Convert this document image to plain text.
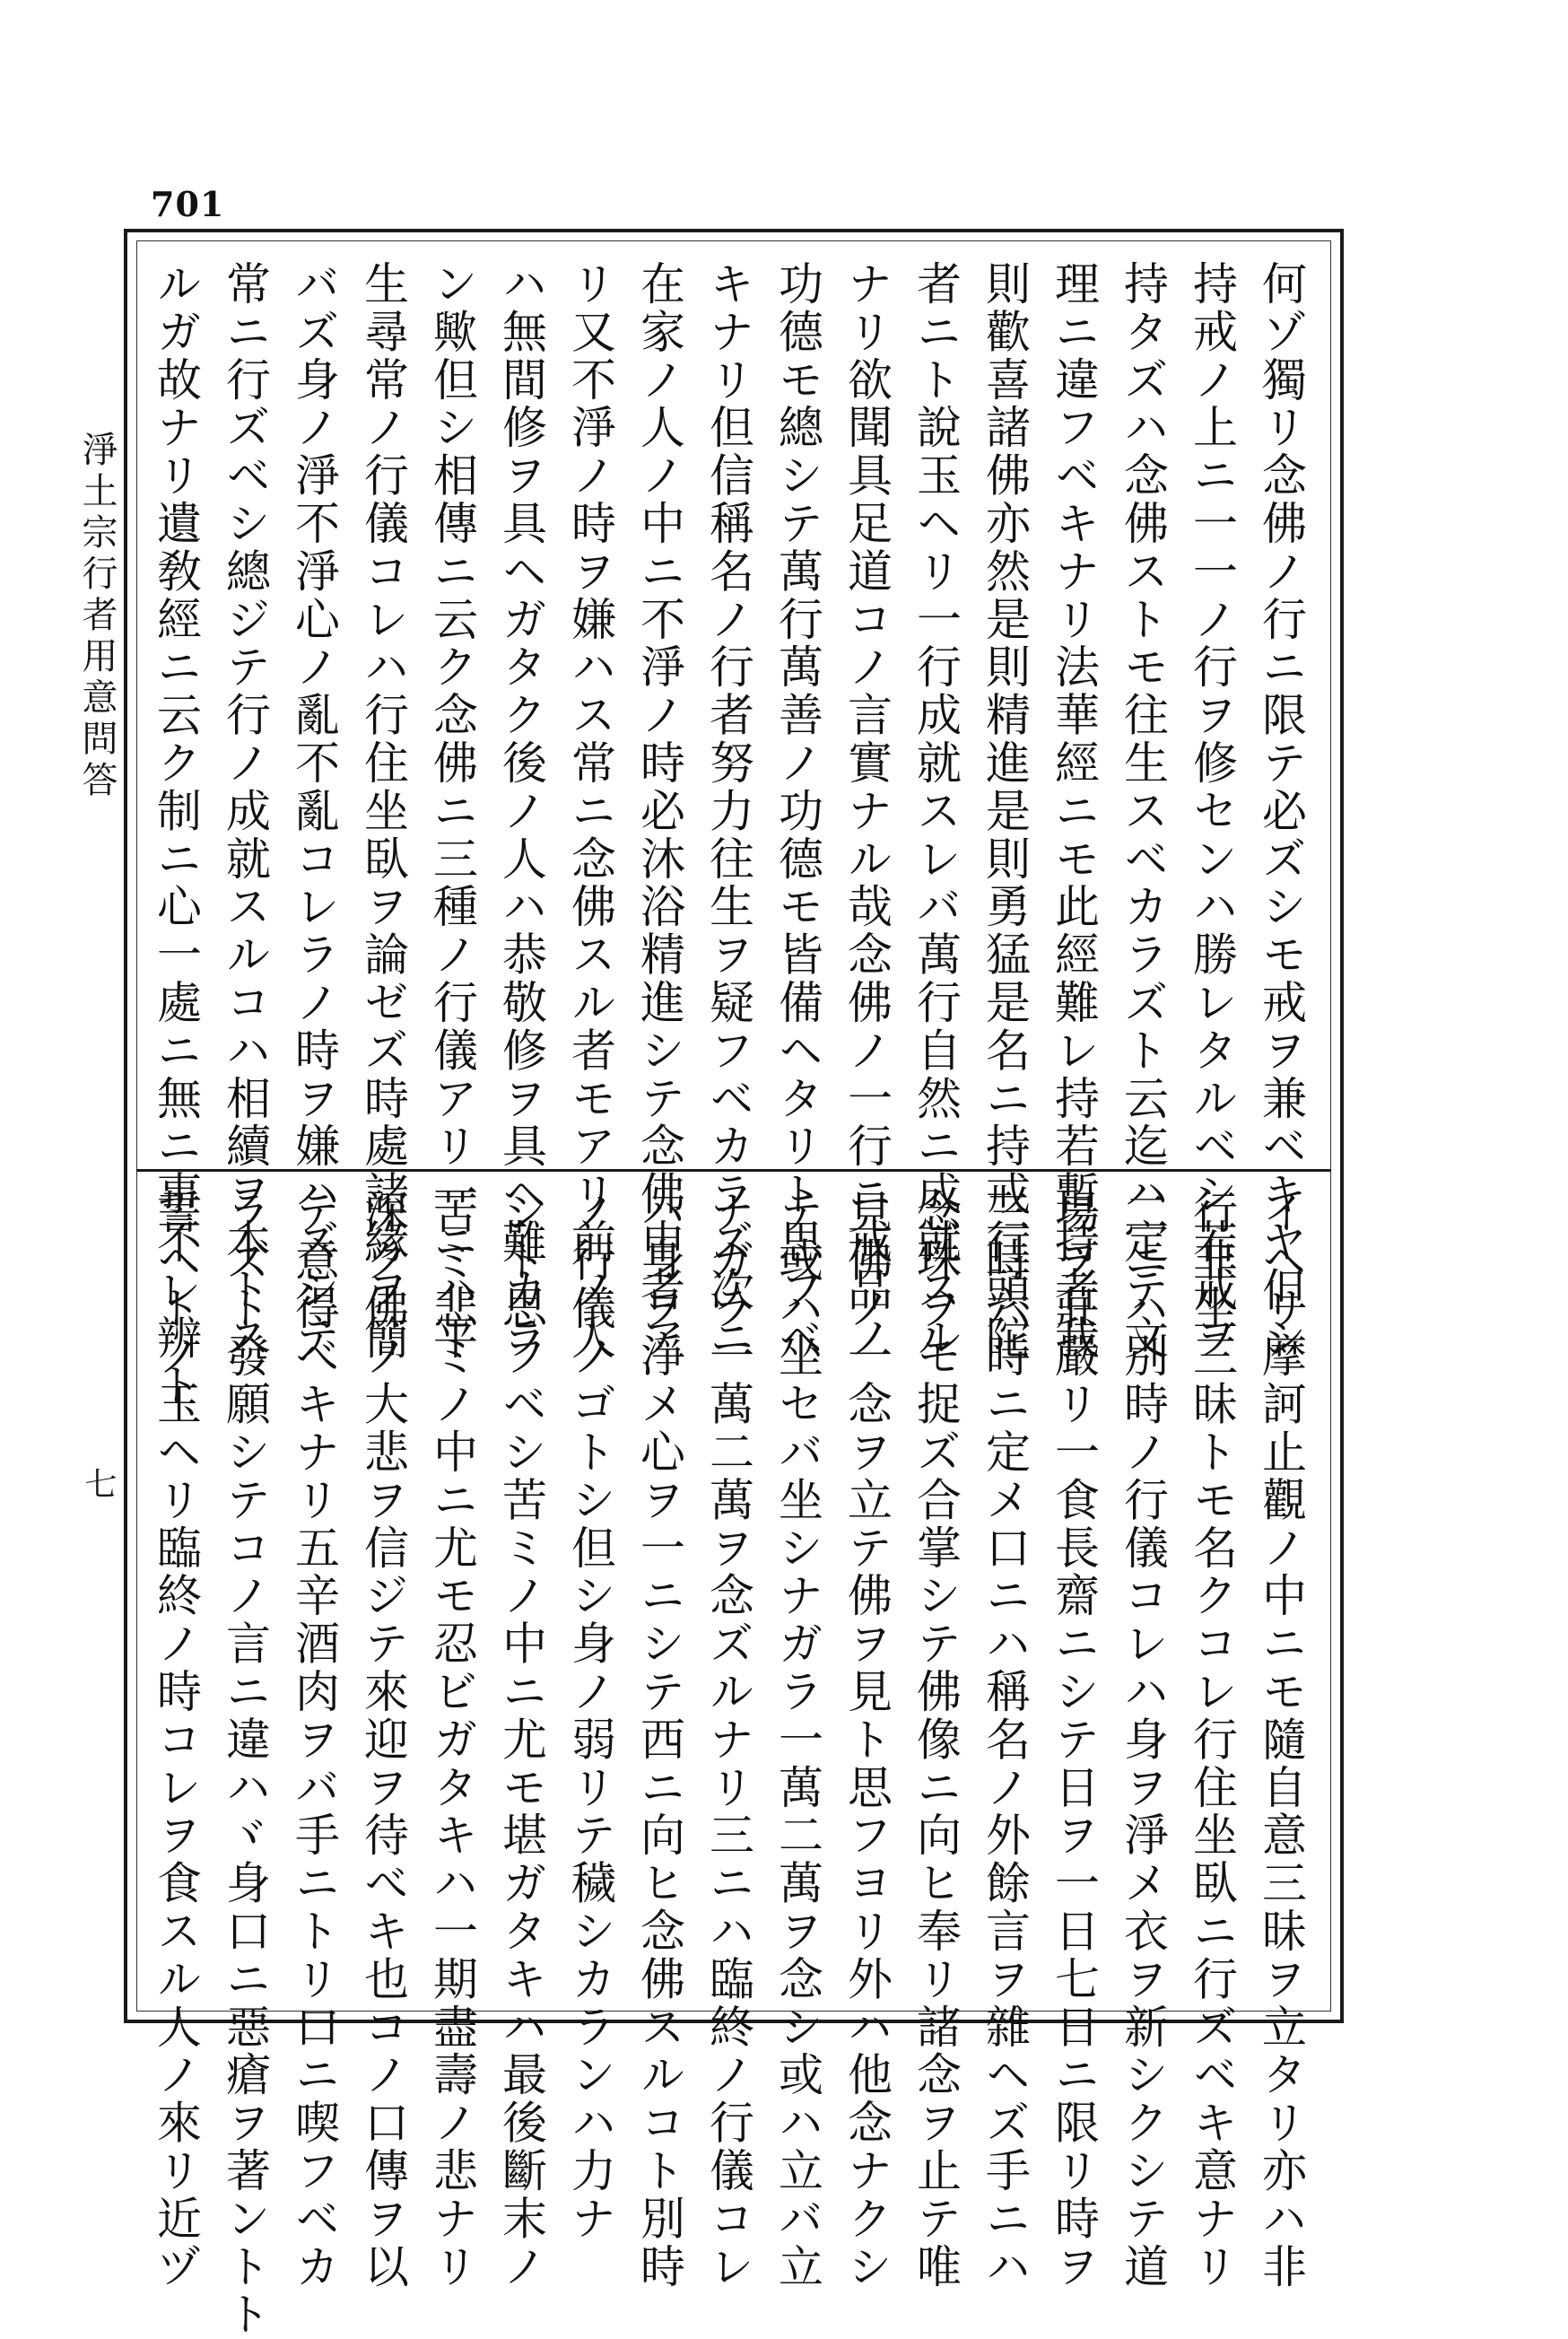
701
淨土宗行者用意問答
七
何ゾ獨リ念佛ノ行ニ限テ必ズシモ戒ヲ兼ベキヤ但シ
持戒ノ上ニ一一ノ行ヲ修センハ勝レタルベシ若戒ヲ
持タズハ念佛ストモ往生スベカラズト云迄ハ定テ文
理ニ違フベキナリ法華經ニモ此經難レ持若暫持者我
則歡喜諸佛亦然是則精進是則勇猛是名ニ持戒行頭陀
者ニト說玉ヘリ一行成就スレバ萬行自然ニ成就スル
ナリ欲聞具足道コノ言實ナル哉念佛ノ一行ニ戒品ノ
功德モ總シテ萬行萬善ノ功德モ皆備ヘタリト思フベ
キナリ但信稱名ノ行者努力往生ヲ疑フベカラズ次ニ
在家ノ人ノ中ニ不淨ノ時必沐浴精進シテ念佛申者ア
リ又不淨ノ時ヲ嫌ハス常ニ念佛スル者モアリ前ノ人
ハ無間修ヲ具ヘガタク後ノ人ハ恭敬修ヲ具ヘ難カラ
ン歟但シ相傳ニ云ク念佛ニ三種ノ行儀アリ一ニハ平
生尋常ノ行儀コレハ行住坐臥ヲ論ゼズ時處諸緣ヲ簡
バズ身ノ淨不淨心ノ亂不亂コレラノ時ヲ嫌ハズシテ
常ニ行ズベシ總ジテ行ノ成就スルコハ相續ヲ本トス
ルガ故ナリ遺敎經ニ云ク制ニ心一處ニ無ニ事不レ辨ト
イヘリ摩訶止觀ノ中ニモ隨自意三昧ヲ立タリ亦ハ非
行非坐三昧トモ名クコレ行住坐臥ニ行ズベキ意ナリ
二ニハ別時ノ行儀コレハ身ヲ淨メ衣ヲ新シクシテ道
場ヲ莊嚴リ一食長齋ニシテ日ヲ一日七日ニ限リ時ヲ
三時六時ニ定メ口ニハ稱名ノ外餘言ヲ雜ヘズ手ニハ
念珠ヲモ捉ズ合掌シテ佛像ニ向ヒ奉リ諸念ヲ止テ唯
見佛ノ一念ヲ立テ佛ヲ見ト思フヨリ外ハ他念ナクシ
テ或ハ坐セバ坐シナガラ一萬二萬ヲ念シ或ハ立バ立
ナガラ一萬二萬ヲ念ズルナリ三ニハ臨終ノ行儀コレ
ハ身ヲ淨メ心ヲ一ニシテ西ニ向ヒ念佛スルコト別時
ノ行儀ノゴトシ但シ身ノ弱リテ穢シカランハ力ナ
シト思フベシ苦ミノ中ニ尤モ堪ガタキハ最後斷末ノ
苦ミ悲ミノ中ニ尤モ忍ビガタキハ一期盡壽ノ悲ナリ
深ク佛ノ大悲ヲ信ジテ來迎ヲ待べキ也コノ口傳ヲ以
テ意得べキナリ五辛酒肉ヲバ手ニトリ口ニ喫フベカ
ラズト發願シテコノ言ニ違ハヾ身口ニ惡瘡ヲ著ントト
誓ヘトノ玉ヘリ臨終ノ時コレヲ食スル人ノ來リ近ヅ
